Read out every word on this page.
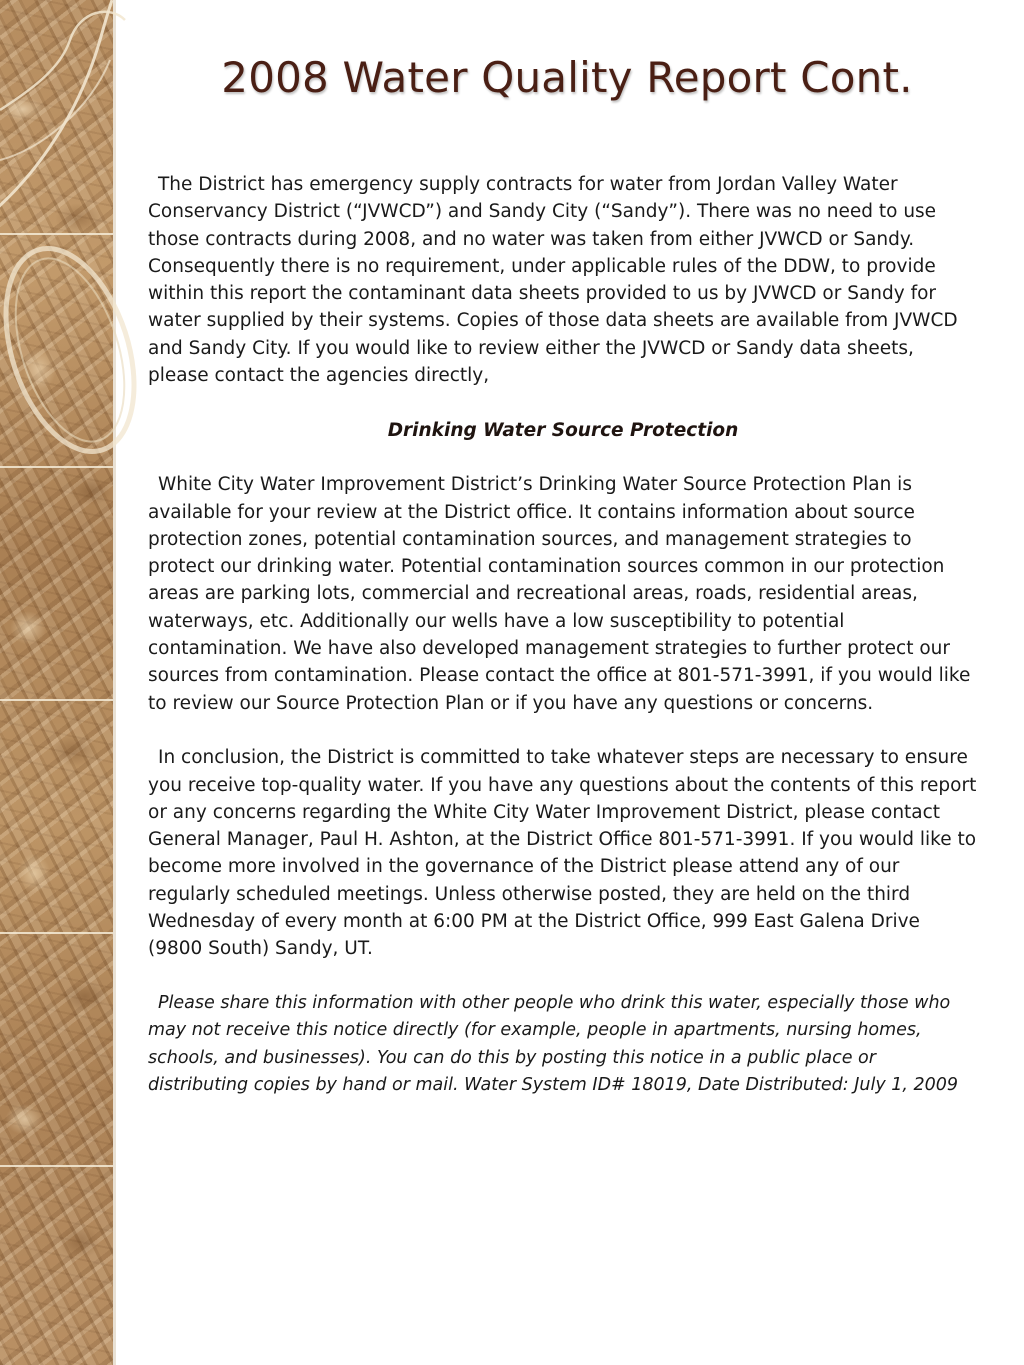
2008 Water Quality Report Cont.

The District has emergency supply contracts for water from Jordan Valley Water Conservancy District (“JVWCD”) and Sandy City (“Sandy”). There was no need to use those contracts during 2008, and no water was taken from either JVWCD or Sandy. Consequently there is no requirement, under applicable rules of the DDW, to provide within this report the contaminant data sheets provided to us by JVWCD or Sandy for water supplied by their systems. Copies of those data sheets are available from JVWCD and Sandy City. If you would like to review either the JVWCD or Sandy data sheets, please contact the agencies directly,

Drinking Water Source Protection

White City Water Improvement District’s Drinking Water Source Protection Plan is available for your review at the District office. It contains information about source protection zones, potential contamination sources, and management strategies to protect our drinking water. Potential contamination sources common in our protection areas are parking lots, commercial and recreational areas, roads, residential areas, waterways, etc. Additionally our wells have a low susceptibility to potential contamination. We have also developed management strategies to further protect our sources from contamination. Please contact the office at 801-571-3991, if you would like to review our Source Protection Plan or if you have any questions or concerns.

In conclusion, the District is committed to take whatever steps are necessary to ensure you receive top-quality water. If you have any questions about the contents of this report or any concerns regarding the White City Water Improvement District, please contact General Manager, Paul H. Ashton, at the District Office 801-571-3991. If you would like to become more involved in the governance of the District please attend any of our regularly scheduled meetings. Unless otherwise posted, they are held on the third Wednesday of every month at 6:00 PM at the District Office, 999 East Galena Drive (9800 South) Sandy, UT.

Please share this information with other people who drink this water, especially those who may not receive this notice directly (for example, people in apartments, nursing homes, schools, and businesses). You can do this by posting this notice in a public place or distributing copies by hand or mail. Water System ID# 18019, Date Distributed: July 1, 2009
